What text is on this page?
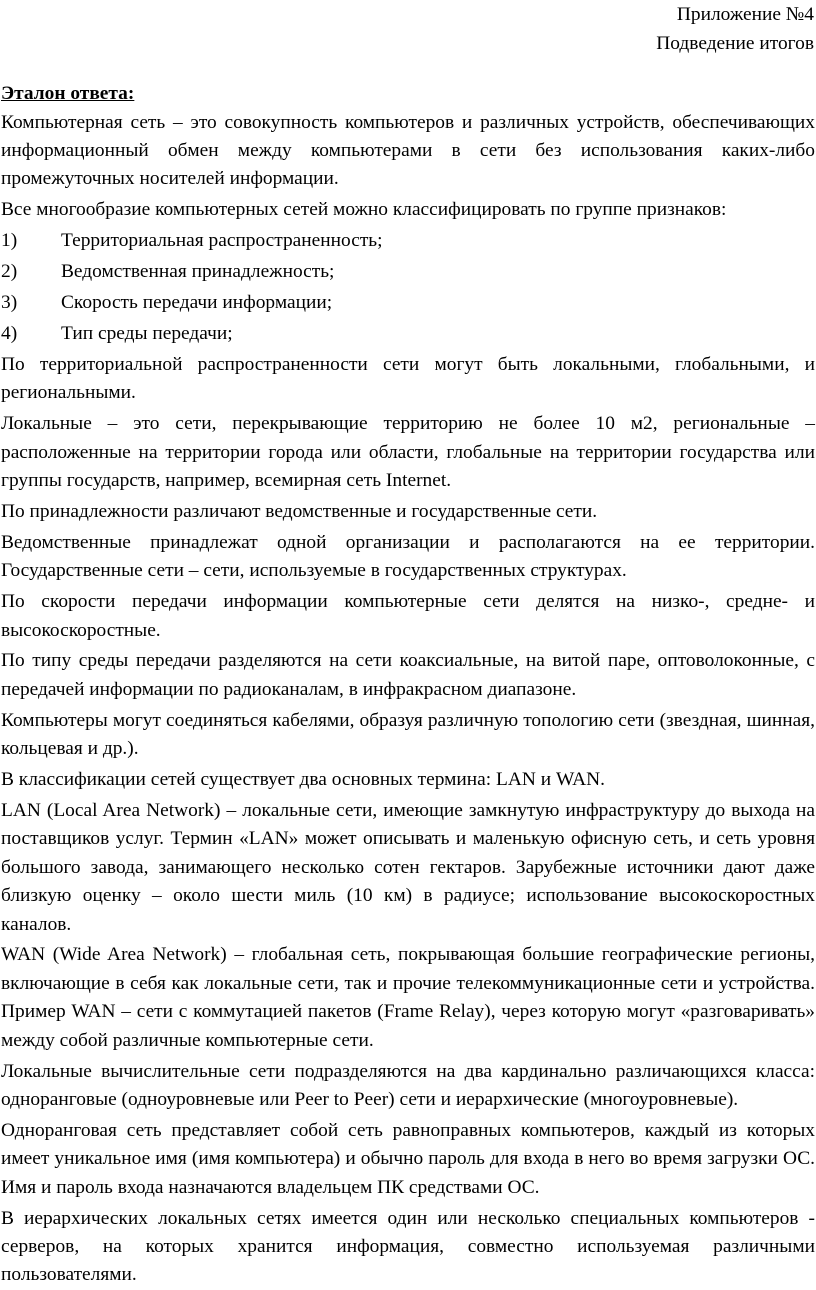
Приложение №4
Подведение итогов
Эталон ответа:

Компьютерная сеть – это совокупность компьютеров и различных устройств, обеспечивающих информационный обмен между компьютерами в сети без использования каких-либо промежуточных носителей информации.

Все многообразие компьютерных сетей можно классифицировать по группе признаков:

1)	Территориальная распространенность;
2)	Ведомственная принадлежность;
3)	Скорость передачи информации;
4)	Тип среды передачи;

По территориальной распространенности сети могут быть локальными, глобальными, и региональными.

Локальные – это сети, перекрывающие территорию не более 10 м2, региональные – расположенные на территории города или области, глобальные на территории государства или группы государств, например, всемирная сеть Internet.

По принадлежности различают ведомственные и государственные сети.

Ведомственные принадлежат одной организации и располагаются на ее территории. Государственные сети – сети, используемые в государственных структурах.

По скорости передачи информации компьютерные сети делятся на низко-, средне- и высокоскоростные.

По типу среды передачи разделяются на сети коаксиальные, на витой паре, оптоволоконные, с передачей информации по радиоканалам, в инфракрасном диапазоне.

Компьютеры могут соединяться кабелями, образуя различную топологию сети (звездная, шинная, кольцевая и др.).

В классификации сетей существует два основных термина: LAN и WAN.

LAN (Local Area Network) – локальные сети, имеющие замкнутую инфраструктуру до выхода на поставщиков услуг. Термин «LAN» может описывать и маленькую офисную сеть, и сеть уровня большого завода, занимающего несколько сотен гектаров. Зарубежные источники дают даже близкую оценку – около шести миль (10 км) в радиусе; использование высокоскоростных каналов.

WAN (Wide Area Network) – глобальная сеть, покрывающая большие географические регионы, включающие в себя как локальные сети, так и прочие телекоммуникационные сети и устройства. Пример WAN – сети с коммутацией пакетов (Frame Relay), через которую могут «разговаривать» между собой различные компьютерные сети.

Локальные вычислительные сети подразделяются на два кардинально различающихся класса: одноранговые (одноуровневые или Peer to Peer) сети и иерархические (многоуровневые).

Одноранговая сеть представляет собой сеть равноправных компьютеров, каждый из которых имеет уникальное имя (имя компьютера) и обычно пароль для входа в него во время загрузки ОС. Имя и пароль входа назначаются владельцем ПК средствами ОС.

В иерархических локальных сетях имеется один или несколько специальных компьютеров - серверов, на которых хранится информация, совместно используемая различными пользователями.
